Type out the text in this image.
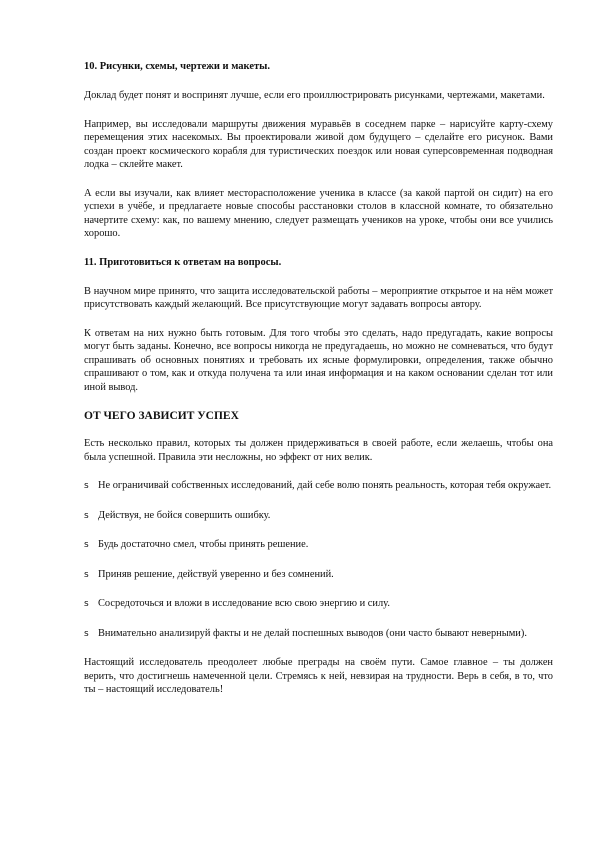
10. Рисунки, схемы, чертежи и макеты.

Доклад будет понят и воспринят лучше, если его проиллюстрировать рисунками, чертежами, макетами.

Например, вы исследовали маршруты движения муравьёв в соседнем парке – нарисуйте карту-схему перемещения этих насекомых. Вы проектировали живой дом будущего – сделайте его рисунок. Вами создан проект космического корабля для туристических поездок или новая суперсовременная подводная лодка – склейте макет.

А если вы изучали, как влияет месторасположение ученика в классе (за какой партой он сидит) на его успехи в учёбе, и предлагаете новые способы расстановки столов в классной комнате, то обязательно начертите схему: как, по вашему мнению, следует размещать учеников на уроке, чтобы они все учились хорошо.

11. Приготовиться к ответам на вопросы.

В научном мире принято, что защита исследовательской работы – мероприятие открытое и на нём может присутствовать каждый желающий. Все присутствующие могут задавать вопросы автору.

К ответам на них нужно быть готовым. Для того чтобы это сделать, надо предугадать, какие вопросы могут быть заданы. Конечно, все вопросы никогда не предугадаешь, но можно не сомневаться, что будут спрашивать об основных понятиях и требовать их ясные формулировки, определения, также обычно спрашивают о том, как и откуда получена та или иная информация и на каком основании сделан тот или иной вывод.

ОТ ЧЕГО ЗАВИСИТ УСПЕХ

Есть несколько правил, которых ты должен придерживаться в своей работе, если желаешь, чтобы она была успешной. Правила эти несложны, но эффект от них велик.

s Не ограничивай собственных исследований, дай себе волю понять реальность, которая тебя окружает.
s Действуя, не бойся совершить ошибку.
s Будь достаточно смел, чтобы принять решение.
s Приняв решение, действуй уверенно и без сомнений.
s Сосредоточься и вложи в исследование всю свою энергию и силу.
s Внимательно анализируй факты и не делай поспешных выводов (они часто бывают неверными).

Настоящий исследователь преодолеет любые преграды на своём пути. Самое главное – ты должен верить, что достигнешь намеченной цели. Стремясь к ней, невзирая на трудности. Верь в себя, в то, что ты – настоящий исследователь!
